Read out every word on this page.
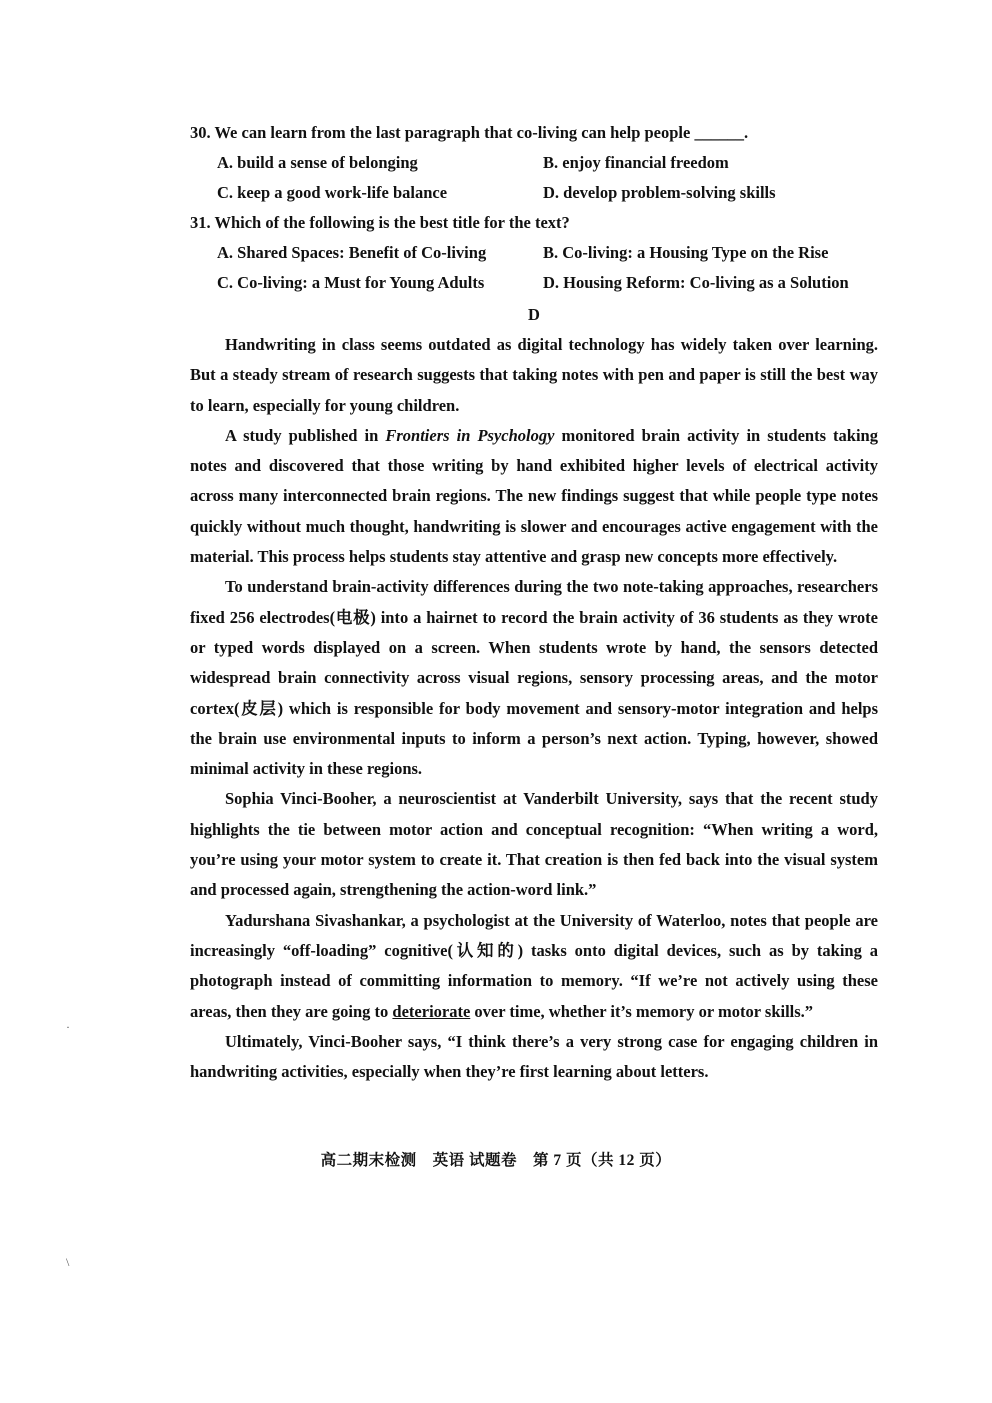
30. We can learn from the last paragraph that co-living can help people ______.
A. build a sense of belonging	B. enjoy financial freedom
C. keep a good work-life balance	D. develop problem-solving skills
31. Which of the following is the best title for the text?
A. Shared Spaces: Benefit of Co-living	B. Co-living: a Housing Type on the Rise
C. Co-living: a Must for Young Adults	D. Housing Reform: Co-living as a Solution
D

Handwriting in class seems outdated as digital technology has widely taken over learning. But a steady stream of research suggests that taking notes with pen and paper is still the best way to learn, especially for young children.

A study published in Frontiers in Psychology monitored brain activity in students taking notes and discovered that those writing by hand exhibited higher levels of electrical activity across many interconnected brain regions. The new findings suggest that while people type notes quickly without much thought, handwriting is slower and encourages active engagement with the material. This process helps students stay attentive and grasp new concepts more effectively.

To understand brain-activity differences during the two note-taking approaches, researchers fixed 256 electrodes(电极) into a hairnet to record the brain activity of 36 students as they wrote or typed words displayed on a screen. When students wrote by hand, the sensors detected widespread brain connectivity across visual regions, sensory processing areas, and the motor cortex(皮层) which is responsible for body movement and sensory-motor integration and helps the brain use environmental inputs to inform a person’s next action. Typing, however, showed minimal activity in these regions.

Sophia Vinci-Booher, a neuroscientist at Vanderbilt University, says that the recent study highlights the tie between motor action and conceptual recognition: “When writing a word, you’re using your motor system to create it. That creation is then fed back into the visual system and processed again, strengthening the action-word link.”

Yadurshana Sivashankar, a psychologist at the University of Waterloo, notes that people are increasingly “off-loading” cognitive(认知的) tasks onto digital devices, such as by taking a photograph instead of committing information to memory. “If we’re not actively using these areas, then they are going to deteriorate over time, whether it’s memory or motor skills.”

Ultimately, Vinci-Booher says, “I think there’s a very strong case for engaging children in handwriting activities, especially when they’re first learning about letters.

高二期末检测　英语 试题卷　第 7 页（共 12 页）
·
\
